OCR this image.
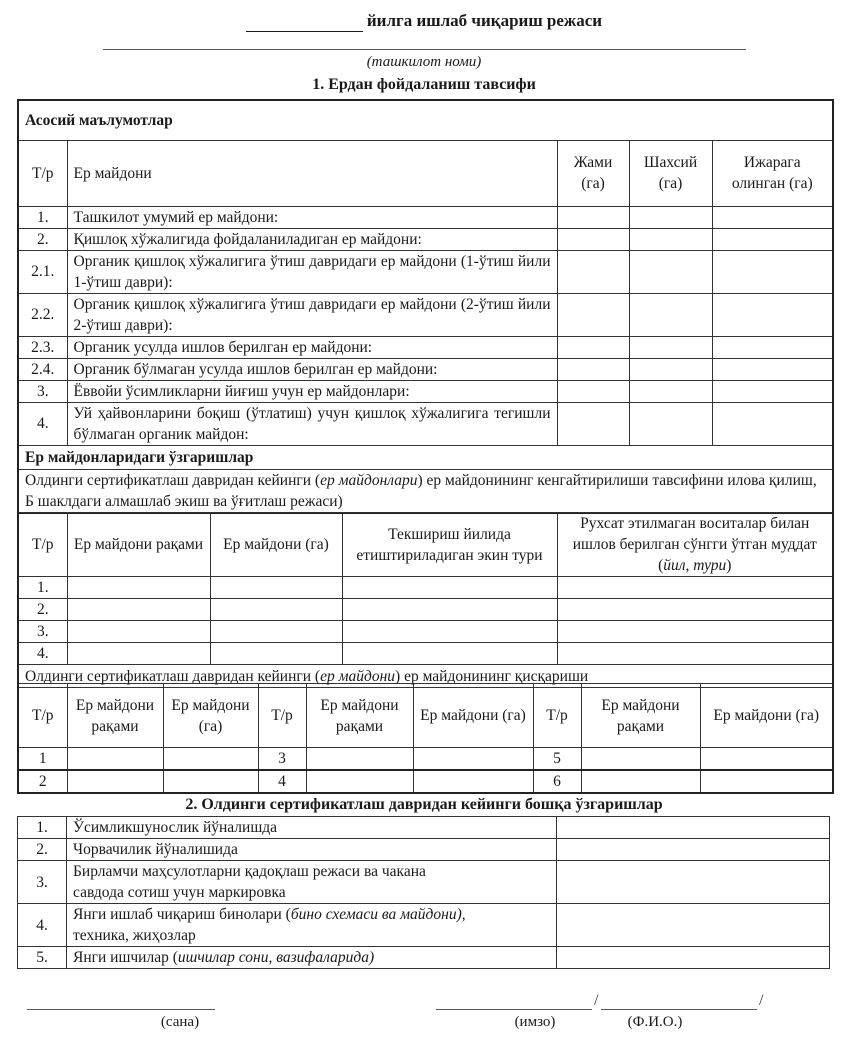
йилга ишлаб чиқариш режаси
(ташкилот номи)
1. Ердан фойдаланиш тавсифи
Асосий маълумотлар				
Т/р	Ер майдони	Жами (га)	Шахсий (га)	Ижарага олинган (га)
1.	Ташкилот умумий ер майдони:			
2.	Қишлоқ хўжалигида фойдаланиладиган ер майдони:			
2.1.	Органик қишлоқ хўжалигига ўтиш давридаги ер майдони (1-ўтиш йили 1-ўтиш даври):			
2.2.	Органик қишлоқ хўжалигига ўтиш давридаги ер майдони (2-ўтиш йили 2-ўтиш даври):			
2.3.	Органик усулда ишлов берилган ер майдони:			
2.4.	Органик бўлмаган усулда ишлов берилган ер майдони:			
3.	Ёввойи ўсимликларни йиғиш учун ер майдонлари:			
4.	Уй ҳайвонларини боқиш (ўтлатиш) учун қишлоқ хўжалигига тегишли бўлмаган органик майдон:			
Ер майдонларидаги ўзгаришлар				
Олдинги сертификатлаш давридан кейинги (ер майдонлари) ер майдонининг кенгайтирилиши тавсифини илова қилиш, Б шаклдаги алмашлаб экиш ва ўғитлаш режаси)				
Т/р	Ер майдони рақами	Ер майдони (га)	Текшириш йилида етиштириладиган экин тури	Рухсат этилмаган воситалар билан ишлов берилган сўнгги ўтган муддат (йил, тури)
1.				
2.				
3.				
4.				
Олдинги сертификатлаш давридан кейинги (ер майдони) ер майдонининг қисқариши				
Т/р	Ер майдони рақами	Ер майдони (га)	Т/р	Ер майдони рақами	Ер майдони (га)	Т/р	Ер майдони рақами	Ер майдони (га)
1			3			5		
2			4			6		
2. Олдинги сертификатлаш давридан кейинги бошқа ўзгаришлар
1.	Ўсимликшунослик йўналишда	
2.	Чорвачилик йўналишида	
3.	Бирламчи маҳсулотларни қадоқлаш режаси ва чакана савдода сотиш учун маркировка	
4.	Янги ишлаб чиқариш бинолари (бино схемаси ва майдони), техника, жиҳозлар	
5.	Янги ишчилар (ишчилар сони, вазифаларида)	
(сана)
/	/
(имзо)	(Ф.И.О.)
